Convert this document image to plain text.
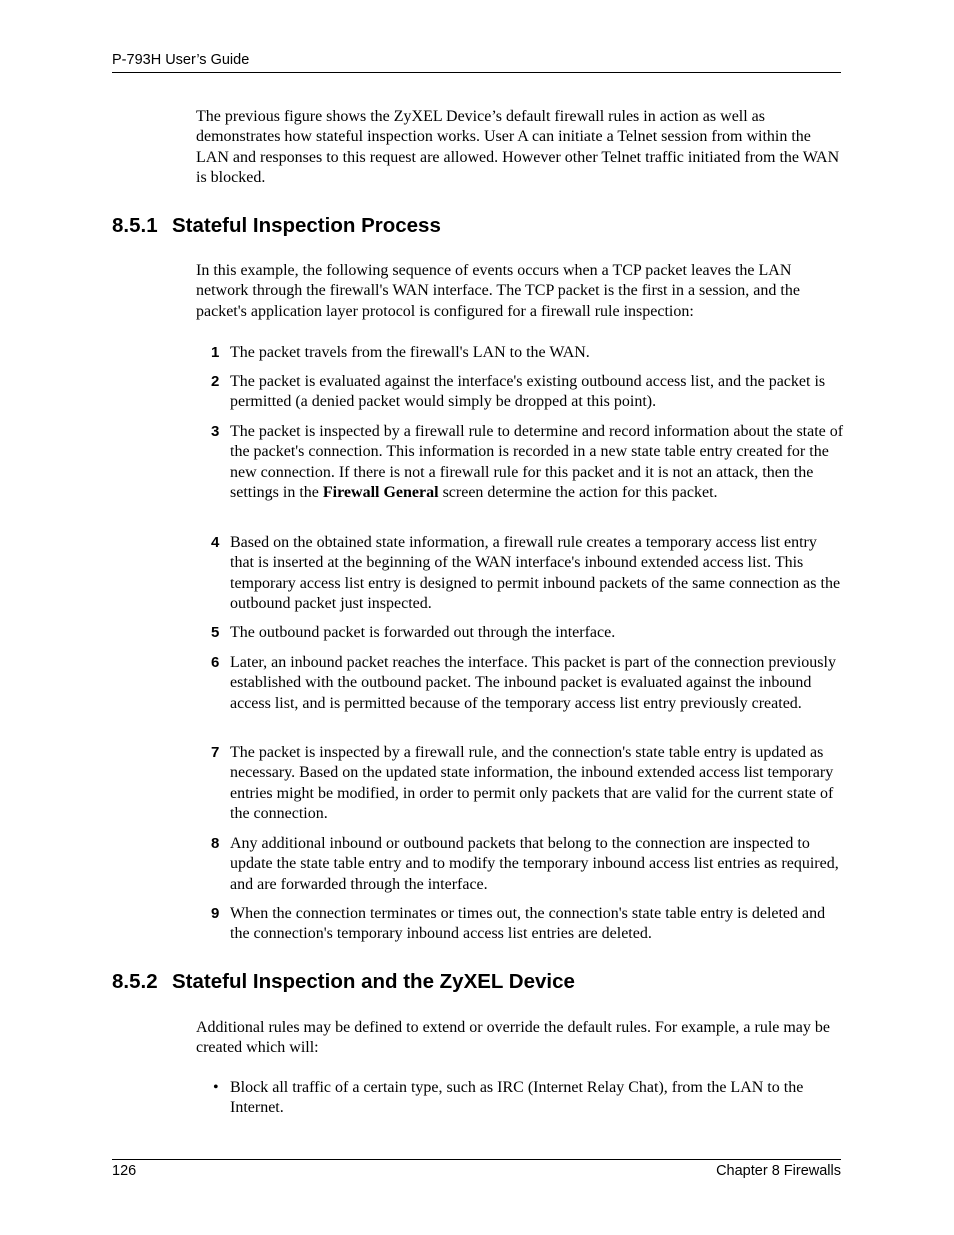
P-793H User’s Guide

The previous figure shows the ZyXEL Device’s default firewall rules in action as well as demonstrates how stateful inspection works. User A can initiate a Telnet session from within the LAN and responses to this request are allowed. However other Telnet traffic initiated from the WAN is blocked.

8.5.1 Stateful Inspection Process

In this example, the following sequence of events occurs when a TCP packet leaves the LAN network through the firewall's WAN interface. The TCP packet is the first in a session, and the packet's application layer protocol is configured for a firewall rule inspection:

1 The packet travels from the firewall's LAN to the WAN.
2 The packet is evaluated against the interface's existing outbound access list, and the packet is permitted (a denied packet would simply be dropped at this point).
3 The packet is inspected by a firewall rule to determine and record information about the state of the packet's connection. This information is recorded in a new state table entry created for the new connection. If there is not a firewall rule for this packet and it is not an attack, then the settings in the Firewall General screen determine the action for this packet.
4 Based on the obtained state information, a firewall rule creates a temporary access list entry that is inserted at the beginning of the WAN interface's inbound extended access list. This temporary access list entry is designed to permit inbound packets of the same connection as the outbound packet just inspected.
5 The outbound packet is forwarded out through the interface.
6 Later, an inbound packet reaches the interface. This packet is part of the connection previously established with the outbound packet. The inbound packet is evaluated against the inbound access list, and is permitted because of the temporary access list entry previously created.
7 The packet is inspected by a firewall rule, and the connection's state table entry is updated as necessary. Based on the updated state information, the inbound extended access list temporary entries might be modified, in order to permit only packets that are valid for the current state of the connection.
8 Any additional inbound or outbound packets that belong to the connection are inspected to update the state table entry and to modify the temporary inbound access list entries as required, and are forwarded through the interface.
9 When the connection terminates or times out, the connection's state table entry is deleted and the connection's temporary inbound access list entries are deleted.
8.5.2 Stateful Inspection and the ZyXEL Device

Additional rules may be defined to extend or override the default rules. For example, a rule may be created which will:

• Block all traffic of a certain type, such as IRC (Internet Relay Chat), from the LAN to the Internet.
126	Chapter 8 Firewalls
